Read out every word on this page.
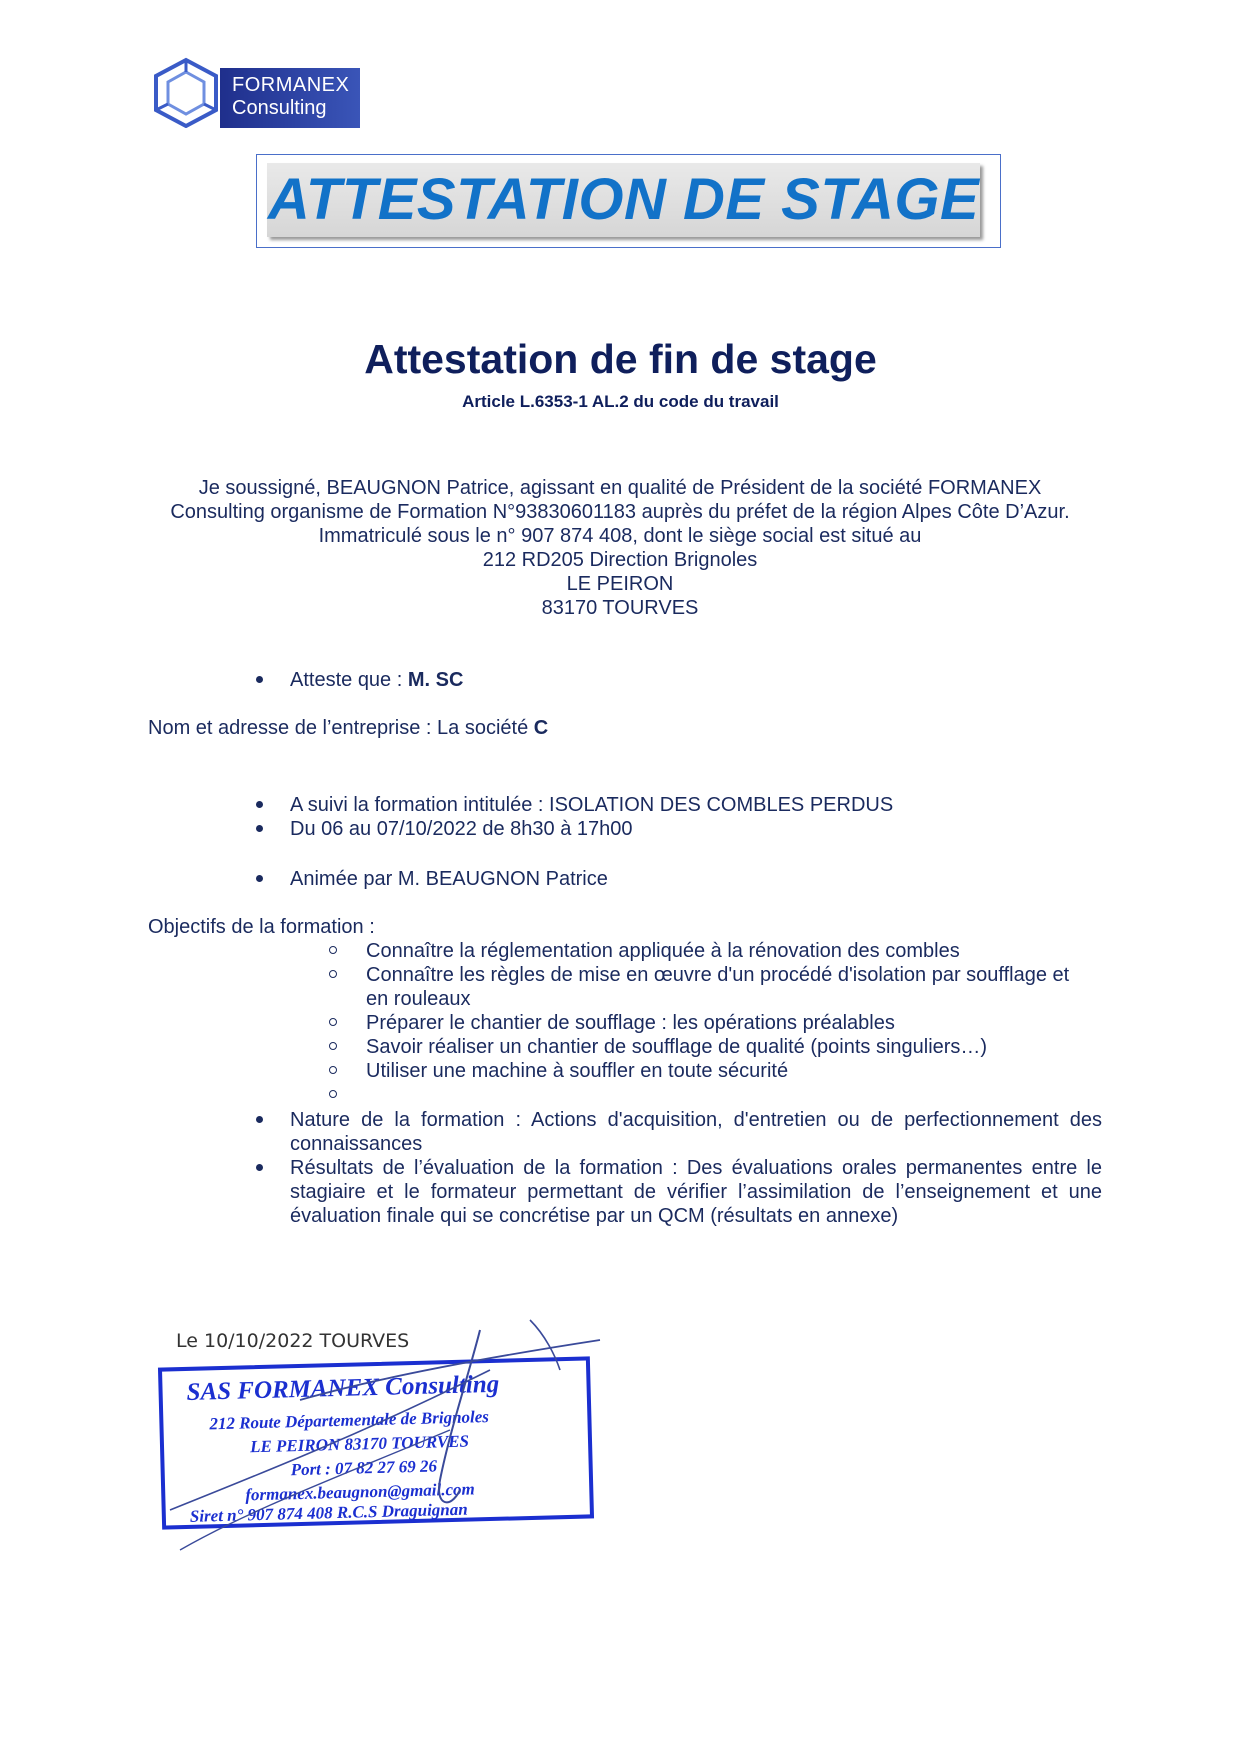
FORMANEX
Consulting
ATTESTATION DE STAGE
Attestation de fin de stage
Article L.6353-1 AL.2 du code du travail
Je soussigné, BEAUGNON Patrice, agissant en qualité de Président de la société FORMANEX
Consulting organisme de Formation N°93830601183 auprès du préfet de la région Alpes Côte D’Azur.
Immatriculé sous le n° 907 874 408, dont le siège social est situé au
212 RD205 Direction Brignoles
LE PEIRON
83170 TOURVES
Atteste que : M. SC
Nom et adresse de l’entreprise : La société C
A suivi la formation intitulée : ISOLATION DES COMBLES PERDUS
Du 06 au 07/10/2022 de 8h30 à 17h00
Animée par M. BEAUGNON Patrice
Objectifs de la formation :
Connaître la réglementation appliquée à la rénovation des combles
Connaître les règles de mise en œuvre d'un procédé d'isolation par soufflage et
en rouleaux
Préparer le chantier de soufflage : les opérations préalables
Savoir réaliser un chantier de soufflage de qualité (points singuliers…)
Utiliser une machine à souffler en toute sécurité
Nature de la formation : Actions d'acquisition, d'entretien ou de perfectionnement des connaissances
Résultats de l’évaluation de la formation : Des évaluations orales permanentes entre le stagiaire et le formateur permettant de vérifier l’assimilation de l’enseignement et une évaluation finale qui se concrétise par un QCM (résultats en annexe)
Le 10/10/2022 TOURVES
SAS FORMANEX Consulting
212 Route Départementale de Brignoles
LE PEIRON 83170 TOURVES
Port : 07 82 27 69 26
formanex.beaugnon@gmail.com
Siret n° 907 874 408 R.C.S Draguignan
